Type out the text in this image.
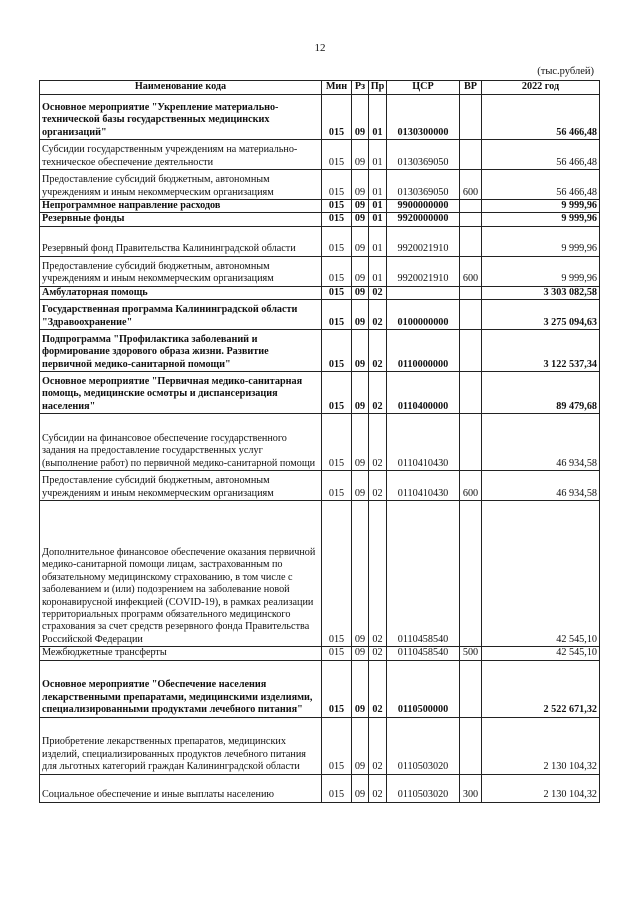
12
(тыс.рублей)
Наименование кода	Мин	Рз	Пр	ЦСР	ВР	2022 год
Основное мероприятие "Укрепление материально-технической базы государственных медицинских организаций"	015	09	01	0130300000		56 466,48
Субсидии государственным учреждениям на материально-техническое обеспечение деятельности	015	09	01	0130369050		56 466,48
Предоставление субсидий бюджетным, автономным учреждениям и иным некоммерческим организациям	015	09	01	0130369050	600	56 466,48
Непрограммное направление расходов	015	09	01	9900000000		9 999,96
Резервные фонды	015	09	01	9920000000		9 999,96
Резервный фонд Правительства Калининградской области	015	09	01	9920021910		9 999,96
Предоставление субсидий бюджетным, автономным учреждениям и иным некоммерческим организациям	015	09	01	9920021910	600	9 999,96
Амбулаторная помощь	015	09	02			3 303 082,58
Государственная программа Калининградской области "Здравоохранение"	015	09	02	0100000000		3 275 094,63
Подпрограмма "Профилактика заболеваний и формирование здорового образа жизни. Развитие первичной медико-санитарной помощи"	015	09	02	0110000000		3 122 537,34
Основное мероприятие "Первичная медико-санитарная помощь, медицинские осмотры и диспансеризация населения"	015	09	02	0110400000		89 479,68
Субсидии на финансовое обеспечение государственного задания на предоставление государственных услуг (выполнение работ) по первичной медико-санитарной помощи	015	09	02	0110410430		46 934,58
Предоставление субсидий бюджетным, автономным учреждениям и иным некоммерческим организациям	015	09	02	0110410430	600	46 934,58
Дополнительное финансовое обеспечение оказания первичной медико-санитарной помощи лицам, застрахованным по обязательному медицинскому страхованию, в том числе с заболеванием и (или) подозрением на заболевание новой коронавирусной инфекцией (COVID-19), в рамках реализации территориальных программ обязательного медицинского страхования за счет средств резервного фонда Правительства Российской Федерации	015	09	02	0110458540		42 545,10
Межбюджетные трансферты	015	09	02	0110458540	500	42 545,10
Основное мероприятие "Обеспечение населения лекарственными препаратами, медицинскими изделиями, специализированными продуктами лечебного питания"	015	09	02	0110500000		2 522 671,32
Приобретение лекарственных препаратов, медицинских изделий, специализированных продуктов лечебного питания для льготных категорий граждан Калининградской области	015	09	02	0110503020		2 130 104,32
Социальное обеспечение и иные выплаты населению	015	09	02	0110503020	300	2 130 104,32
